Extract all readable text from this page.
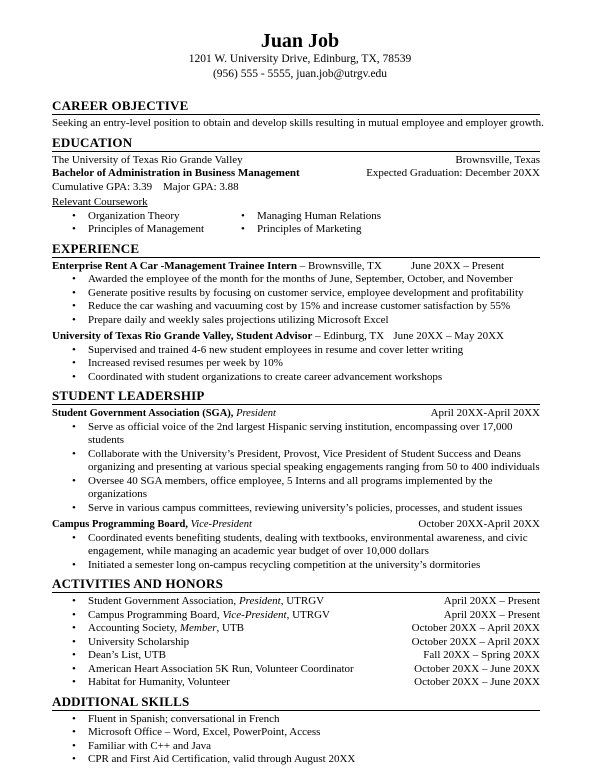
Juan Job
1201 W. University Drive, Edinburg, TX, 78539
(956) 555 - 5555, juan.job@utrgv.edu
CAREER OBJECTIVE
Seeking an entry-level position to obtain and develop skills resulting in mutual employee and employer growth.
EDUCATION
The University of Texas Rio Grande Valley	Brownsville, Texas
Bachelor of Administration in Business Management	Expected Graduation: December 20XX
Cumulative GPA: 3.39 Major GPA: 3.88
Relevant Coursework
• Organization Theory
• Principles of Management
• Managing Human Relations
• Principles of Marketing
EXPERIENCE
Enterprise Rent A Car -Management Trainee Intern – Brownsville, TX	June 20XX – Present
• Awarded the employee of the month for the months of June, September, October, and November
• Generate positive results by focusing on customer service, employee development and profitability
• Reduce the car washing and vacuuming cost by 15% and increase customer satisfaction by 55%
• Prepare daily and weekly sales projections utilizing Microsoft Excel
University of Texas Rio Grande Valley, Student Advisor – Edinburg, TX June 20XX – May 20XX
• Supervised and trained 4-6 new student employees in resume and cover letter writing
• Increased revised resumes per week by 10%
• Coordinated with student organizations to create career advancement workshops
STUDENT LEADERSHIP
Student Government Association (SGA), President	April 20XX-April 20XX
• Serve as official voice of the 2nd largest Hispanic serving institution, encompassing over 17,000 students
• Collaborate with the University’s President, Provost, Vice President of Student Success and Deans
organizing and presenting at various special speaking engagements ranging from 50 to 400 individuals
• Oversee 40 SGA members, office employee, 5 Interns and all programs implemented by the organizations
• Serve in various campus committees, reviewing university’s policies, processes, and student issues
Campus Programming Board, Vice-President	October 20XX-April 20XX
• Coordinated events benefiting students, dealing with textbooks, environmental awareness, and civic
engagement, while managing an academic year budget of over 10,000 dollars
• Initiated a semester long on-campus recycling competition at the university’s dormitories
ACTIVITIES AND HONORS
• Student Government Association, President, UTRGV	April 20XX – Present
• Campus Programming Board, Vice-President, UTRGV	April 20XX – Present
• Accounting Society, Member, UTB	October 20XX – April 20XX
• University Scholarship	October 20XX – April 20XX
• Dean’s List, UTB	Fall 20XX – Spring 20XX
• American Heart Association 5K Run, Volunteer Coordinator	October 20XX – June 20XX
• Habitat for Humanity, Volunteer	October 20XX – June 20XX
ADDITIONAL SKILLS
• Fluent in Spanish; conversational in French
• Microsoft Office – Word, Excel, PowerPoint, Access
• Familiar with C++ and Java
• CPR and First Aid Certification, valid through August 20XX
